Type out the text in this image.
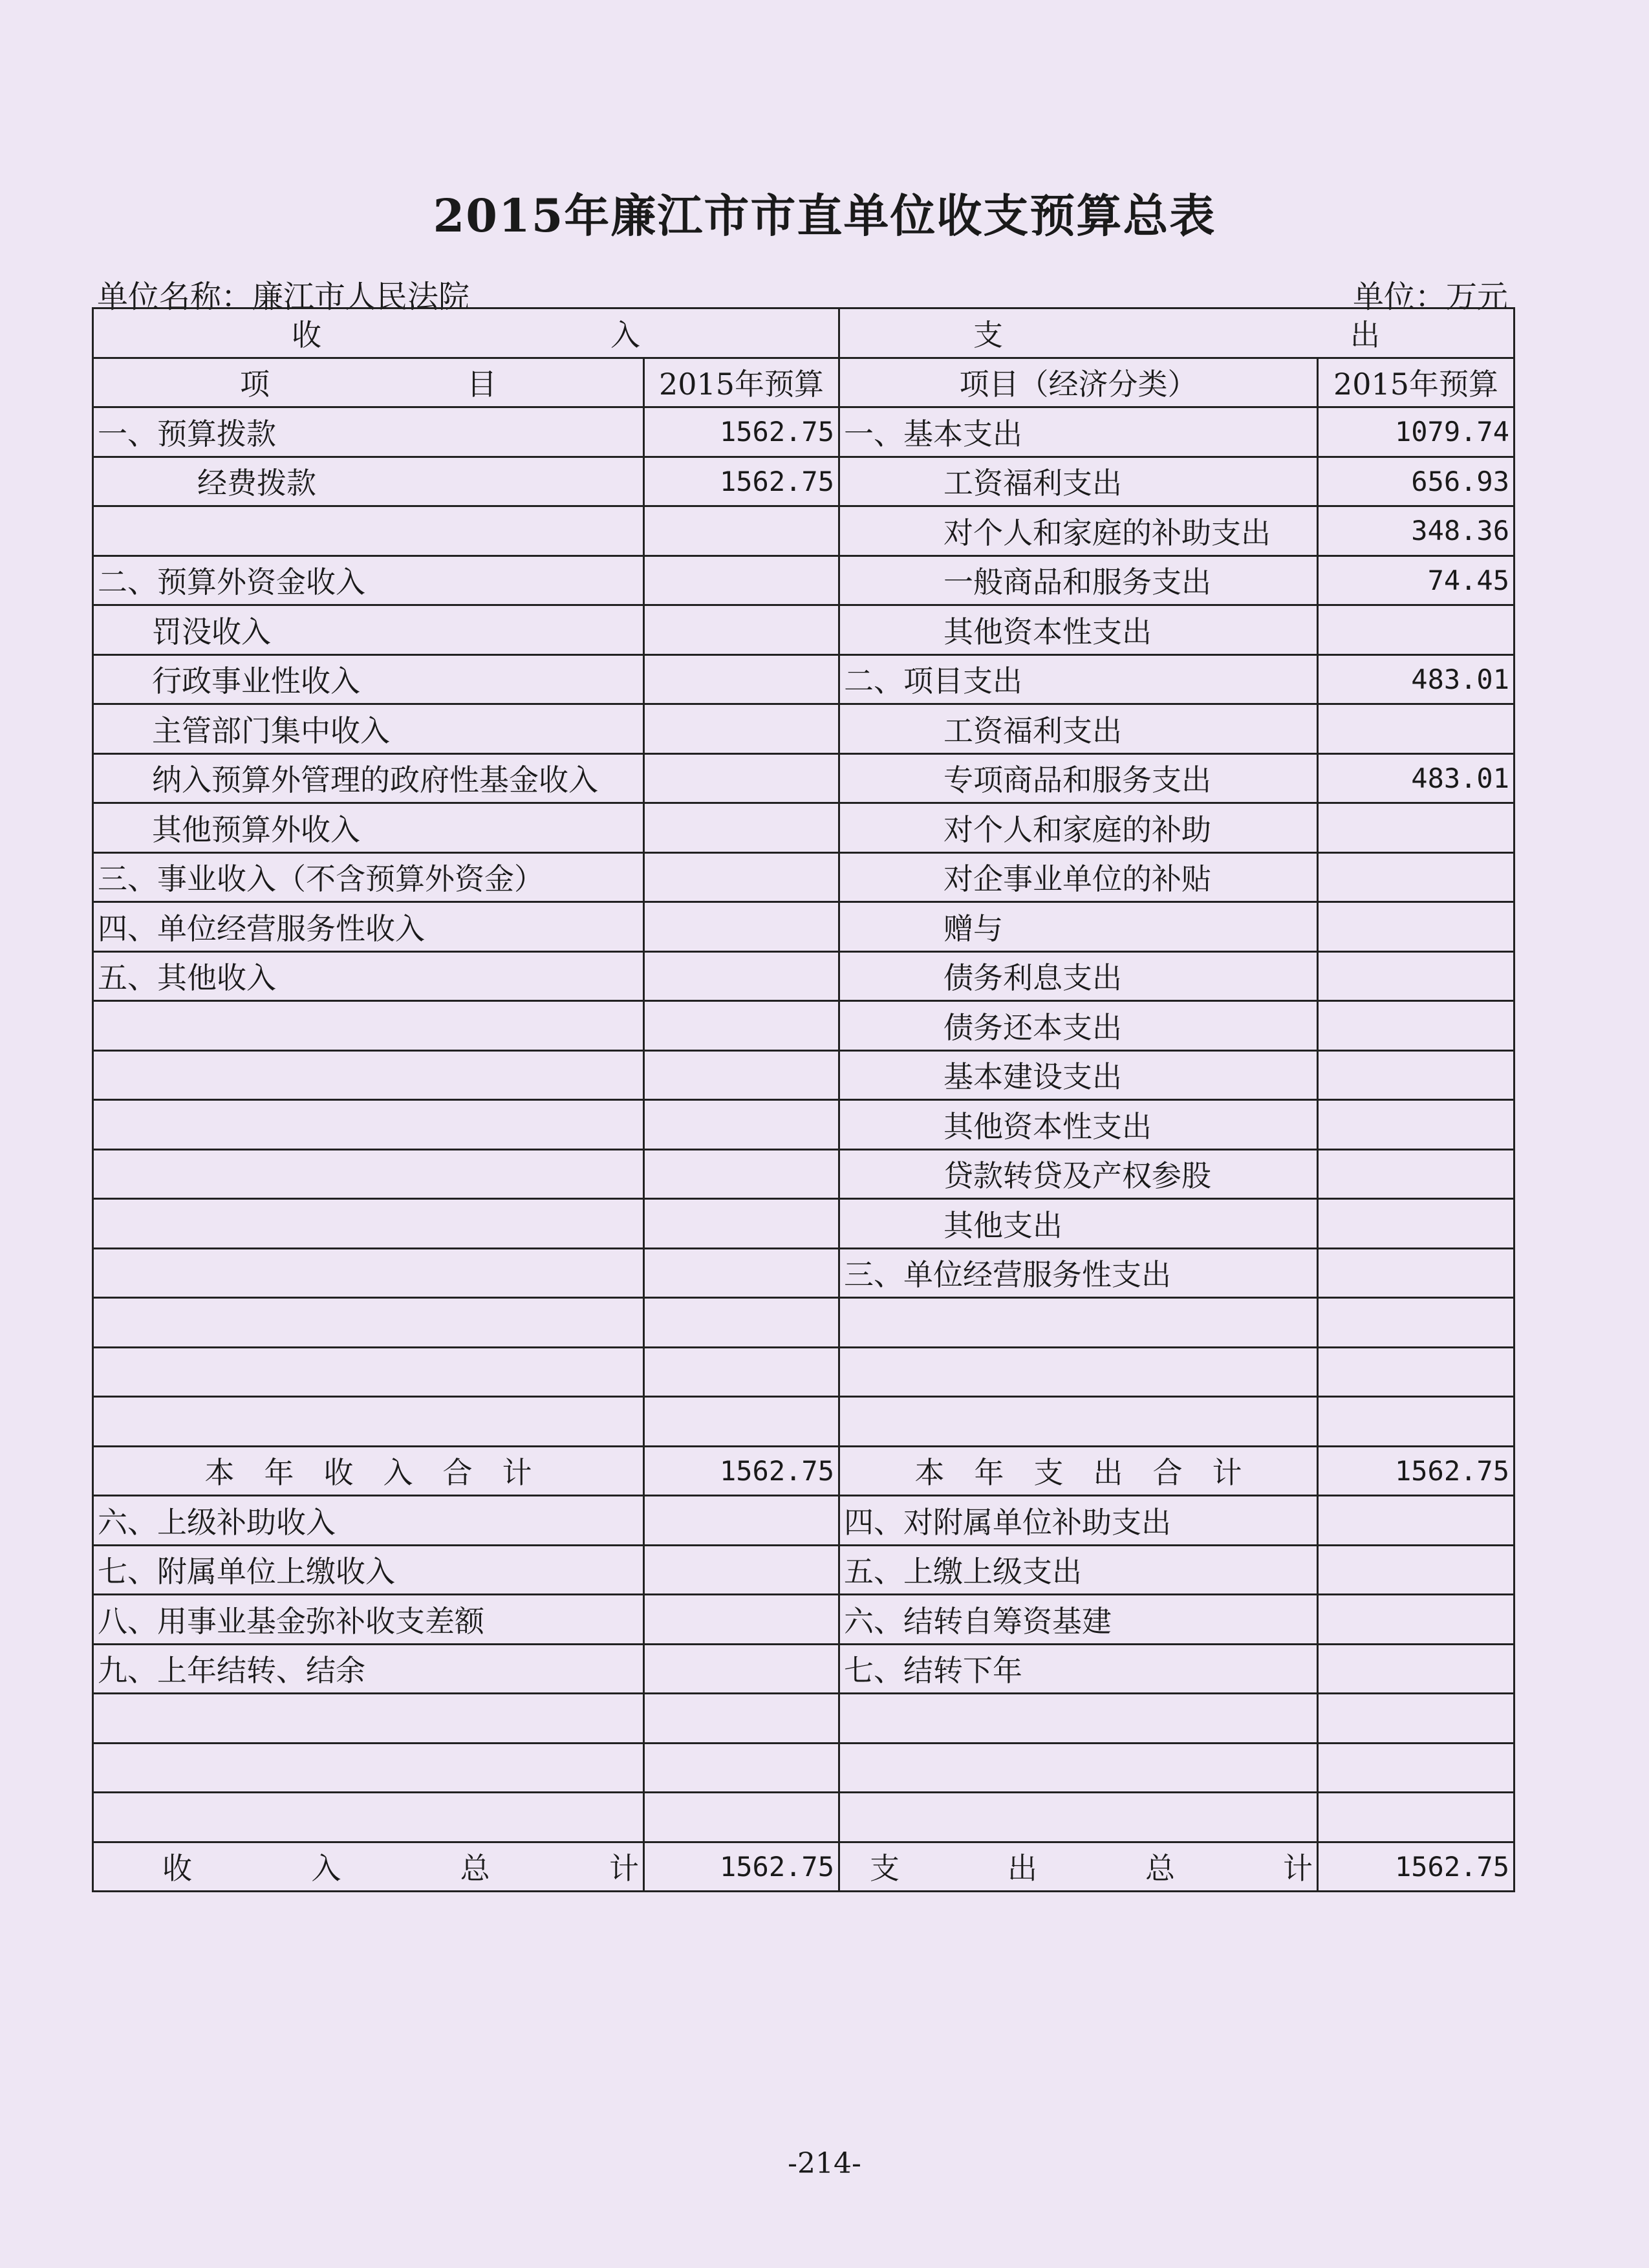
2015年廉江市市直单位收支预算总表
单位名称：廉江市人民法院	单位：万元
收 入		支 出	

项 目	2015年预算	项目（经济分类）	2015年预算
一、预算拨款	1562.75	一、基本支出	1079.74
经费拨款	1562.75	工资福利支出	656.93
		对个人和家庭的补助支出	348.36
二、预算外资金收入		一般商品和服务支出	74.45
罚没收入		其他资本性支出	
行政事业性收入		二、项目支出	483.01
主管部门集中收入		工资福利支出	
纳入预算外管理的政府性基金收入		专项商品和服务支出	483.01
其他预算外收入		对个人和家庭的补助	
三、事业收入（不含预算外资金）		对企事业单位的补贴	
四、单位经营服务性收入		赠与	
五、其他收入		债务利息支出	
		债务还本支出	
		基本建设支出	
		其他资本性支出	
		贷款转贷及产权参股	
		其他支出	
		三、单位经营服务性支出	

本　年　收　入　合　计	1562.75	本　年　支　出　合　计	1562.75
六、上级补助收入		四、对附属单位补助支出	
七、附属单位上缴收入		五、上缴上级支出	
八、用事业基金弥补收支差额		六、结转自筹资基建	
九、上年结转、结余		七、结转下年	

收 入 总 计	1562.75	支 出 总 计	1562.75
-214-
